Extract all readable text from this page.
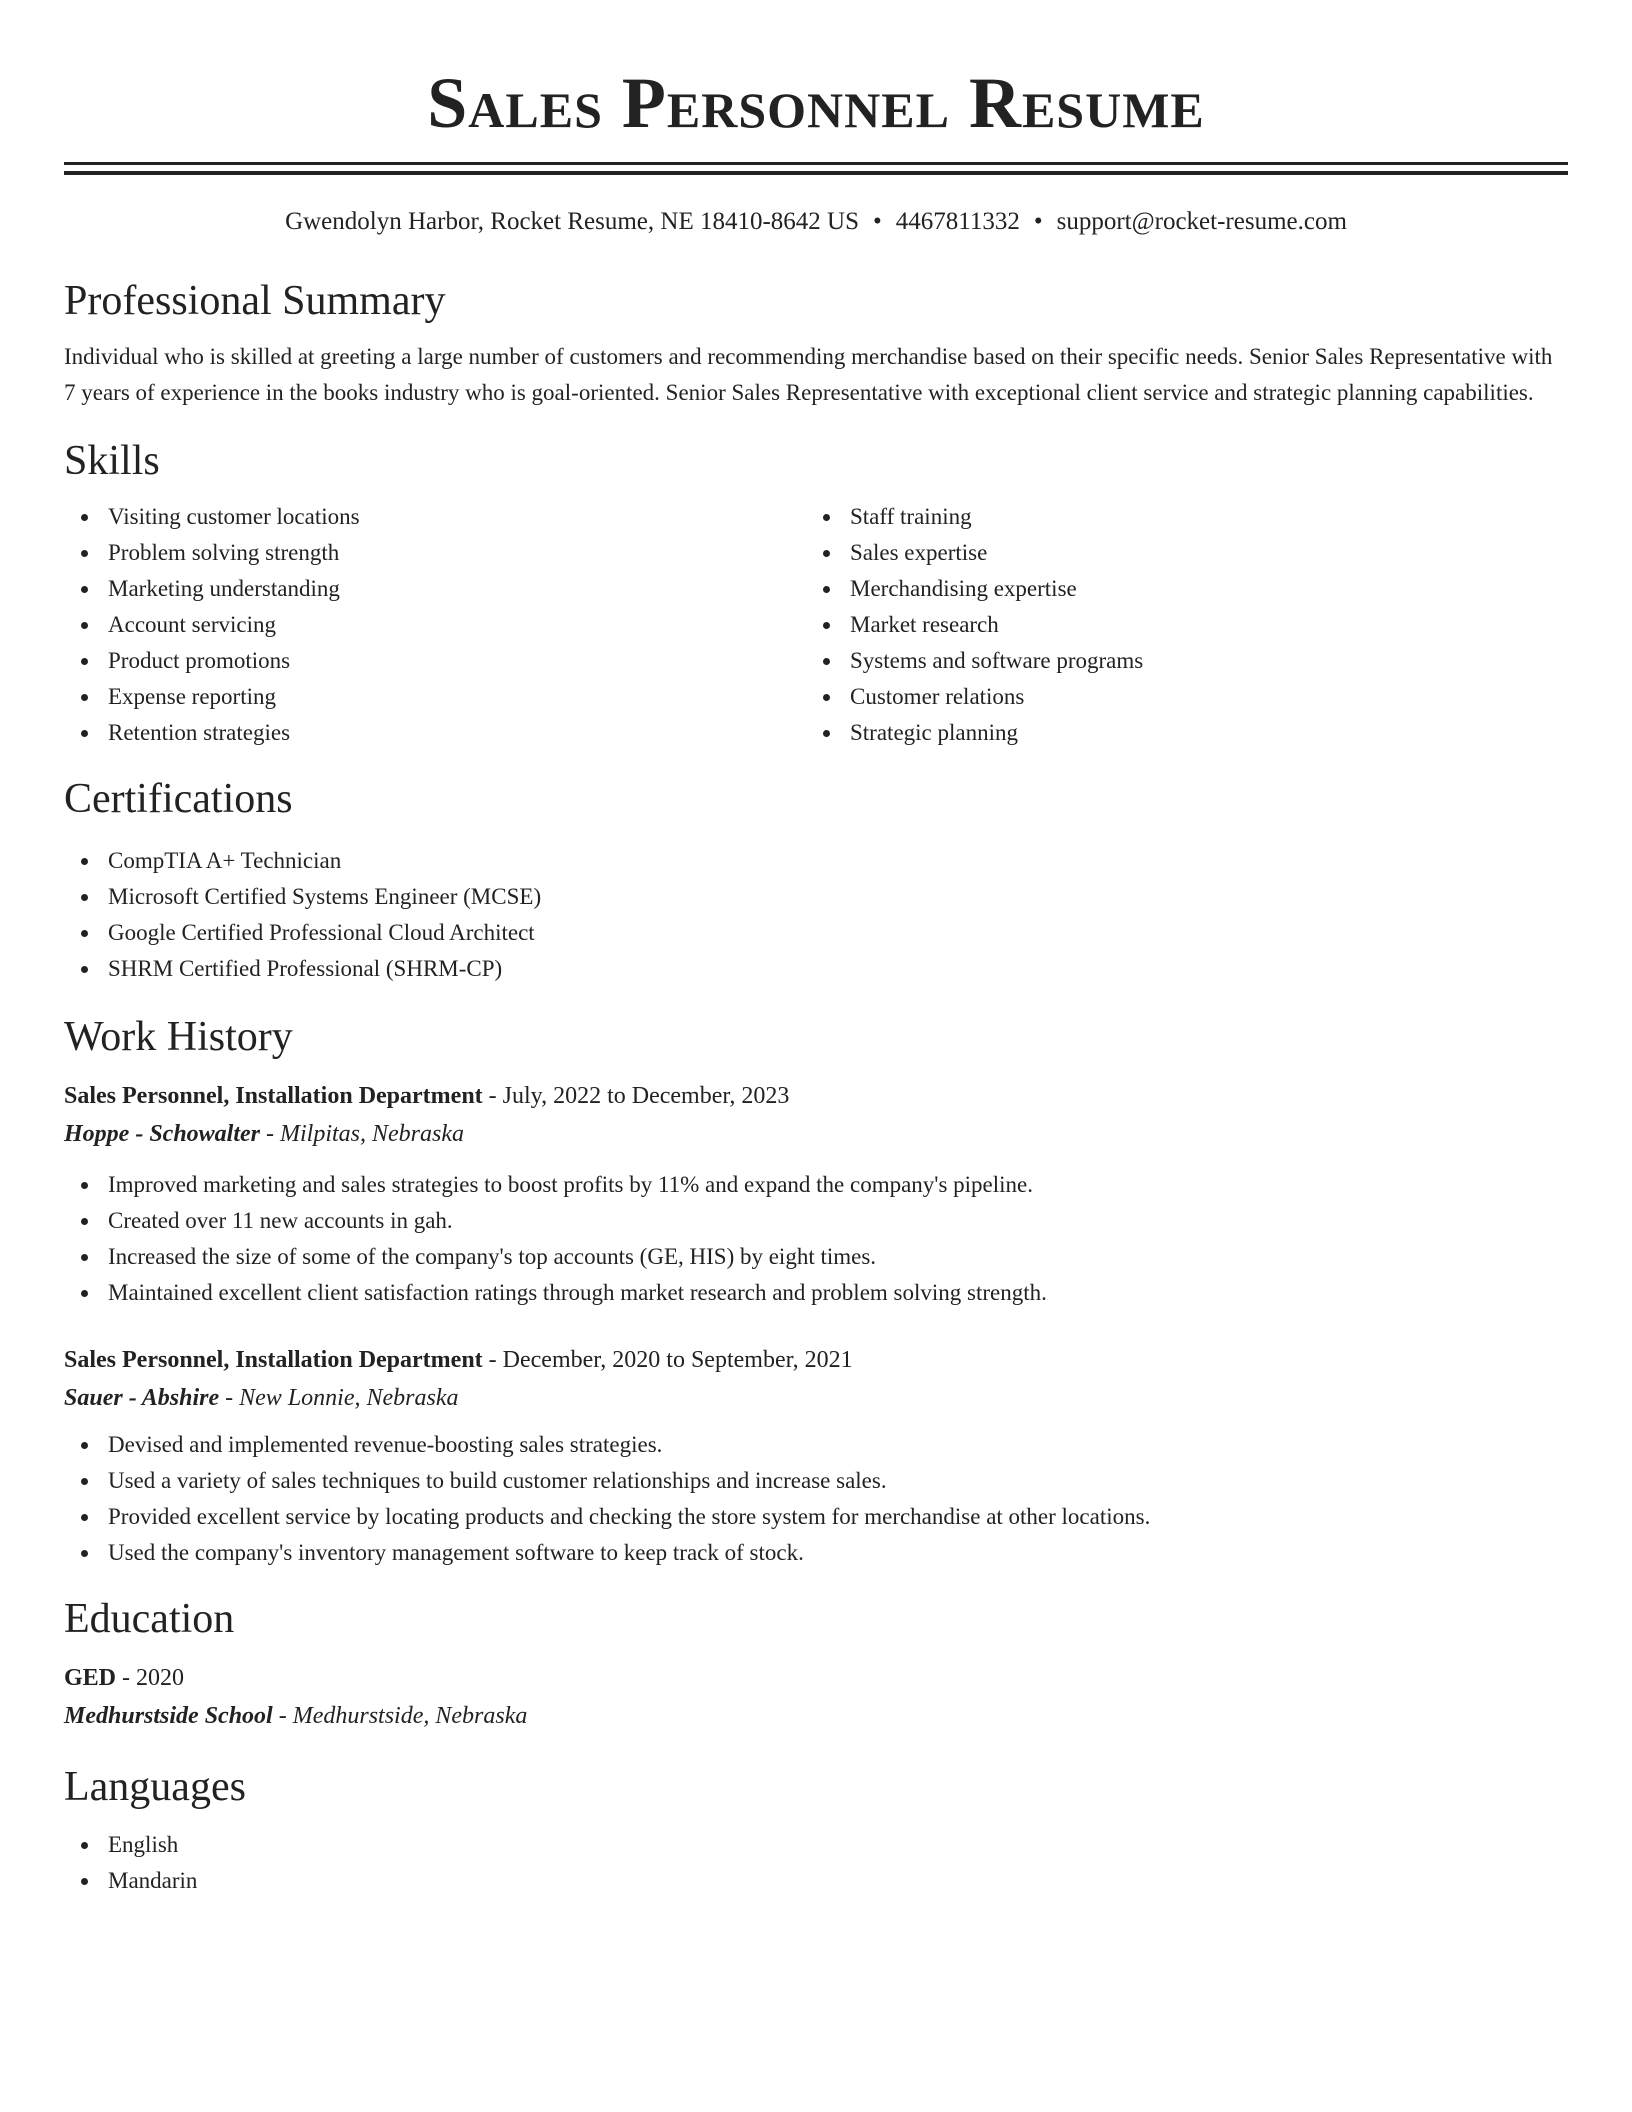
Sales Personnel Resume
Gwendolyn Harbor, Rocket Resume, NE 18410-8642 US • 4467811332 • support@rocket-resume.com
Professional Summary

Individual who is skilled at greeting a large number of customers and recommending merchandise based on their specific needs. Senior Sales Representative with 7 years of experience in the books industry who is goal-oriented. Senior Sales Representative with exceptional client service and strategic planning capabilities.

Skills
Visiting customer locations
Problem solving strength
Marketing understanding
Account servicing
Product promotions
Expense reporting
Retention strategies
Staff training
Sales expertise
Merchandising expertise
Market research
Systems and software programs
Customer relations
Strategic planning
Certifications
CompTIA A+ Technician
Microsoft Certified Systems Engineer (MCSE)
Google Certified Professional Cloud Architect
SHRM Certified Professional (SHRM-CP)
Work History
Sales Personnel, Installation Department - July, 2022 to December, 2023
Hoppe - Schowalter - Milpitas, Nebraska
Improved marketing and sales strategies to boost profits by 11% and expand the company's pipeline.
Created over 11 new accounts in gah.
Increased the size of some of the company's top accounts (GE, HIS) by eight times.
Maintained excellent client satisfaction ratings through market research and problem solving strength.
Sales Personnel, Installation Department - December, 2020 to September, 2021
Sauer - Abshire - New Lonnie, Nebraska
Devised and implemented revenue-boosting sales strategies.
Used a variety of sales techniques to build customer relationships and increase sales.
Provided excellent service by locating products and checking the store system for merchandise at other locations.
Used the company's inventory management software to keep track of stock.
Education
GED - 2020
Medhurstside School - Medhurstside, Nebraska
Languages
English
Mandarin
